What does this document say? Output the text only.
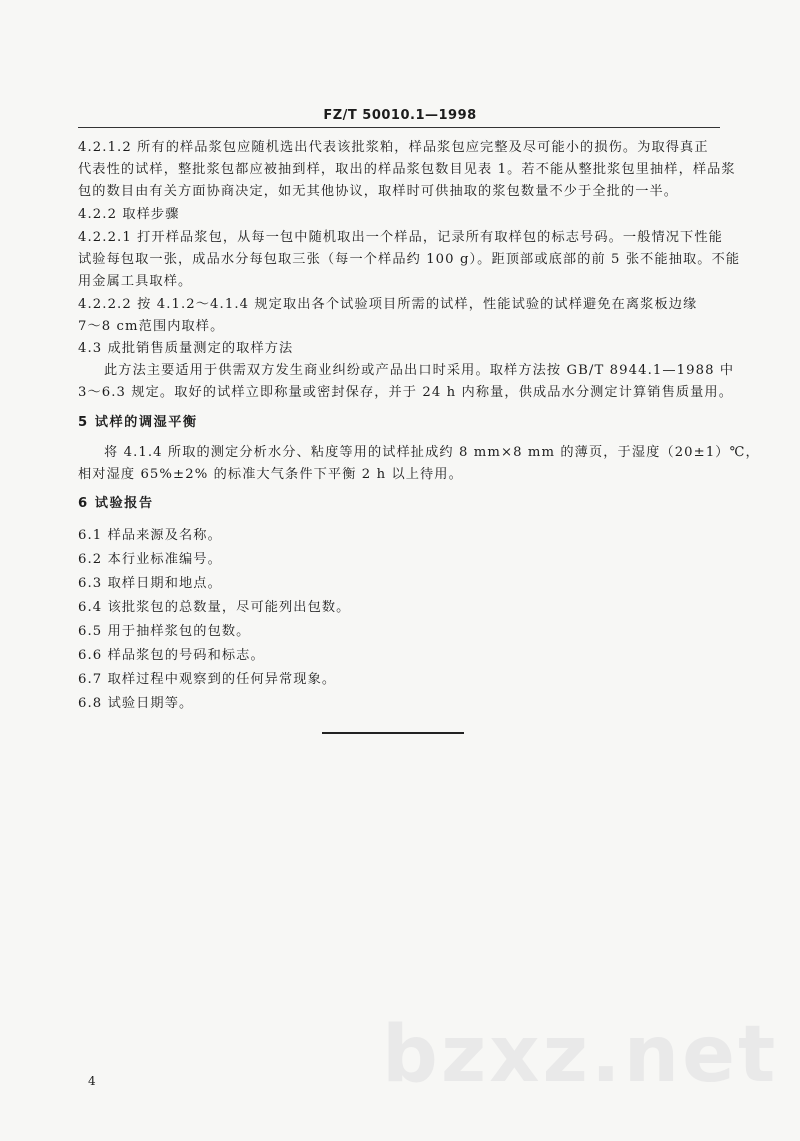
FZ/T 50010.1—1998
4.2.1.2 所有的样品浆包应随机选出代表该批浆粕，样品浆包应完整及尽可能小的损伤。为取得真正
代表性的试样，整批浆包都应被抽到样，取出的样品浆包数目见表 1。若不能从整批浆包里抽样，样品浆
包的数目由有关方面协商决定，如无其他协议，取样时可供抽取的浆包数量不少于全批的一半。
4.2.2 取样步骤
4.2.2.1 打开样品浆包，从每一包中随机取出一个样品，记录所有取样包的标志号码。一般情况下性能
试验每包取一张，成品水分每包取三张（每一个样品约 100 g）。距顶部或底部的前 5 张不能抽取。不能
用金属工具取样。
4.2.2.2 按 4.1.2～4.1.4 规定取出各个试验项目所需的试样，性能试验的试样避免在离浆板边缘
7～8 cm范围内取样。
4.3 成批销售质量测定的取样方法
此方法主要适用于供需双方发生商业纠纷或产品出口时采用。取样方法按 GB/T 8944.1—1988 中
3～6.3 规定。取好的试样立即称量或密封保存，并于 24 h 内称量，供成品水分测定计算销售质量用。
5 试样的调湿平衡
将 4.1.4 所取的测定分析水分、粘度等用的试样扯成约 8 mm×8 mm 的薄页，于湿度（20±1）℃，
相对湿度 65%±2% 的标准大气条件下平衡 2 h 以上待用。
6 试验报告
6.1 样品来源及名称。
6.2 本行业标准编号。
6.3 取样日期和地点。
6.4 该批浆包的总数量，尽可能列出包数。
6.5 用于抽样浆包的包数。
6.6 样品浆包的号码和标志。
6.7 取样过程中观察到的任何异常现象。
6.8 试验日期等。
bzxz.net
4
